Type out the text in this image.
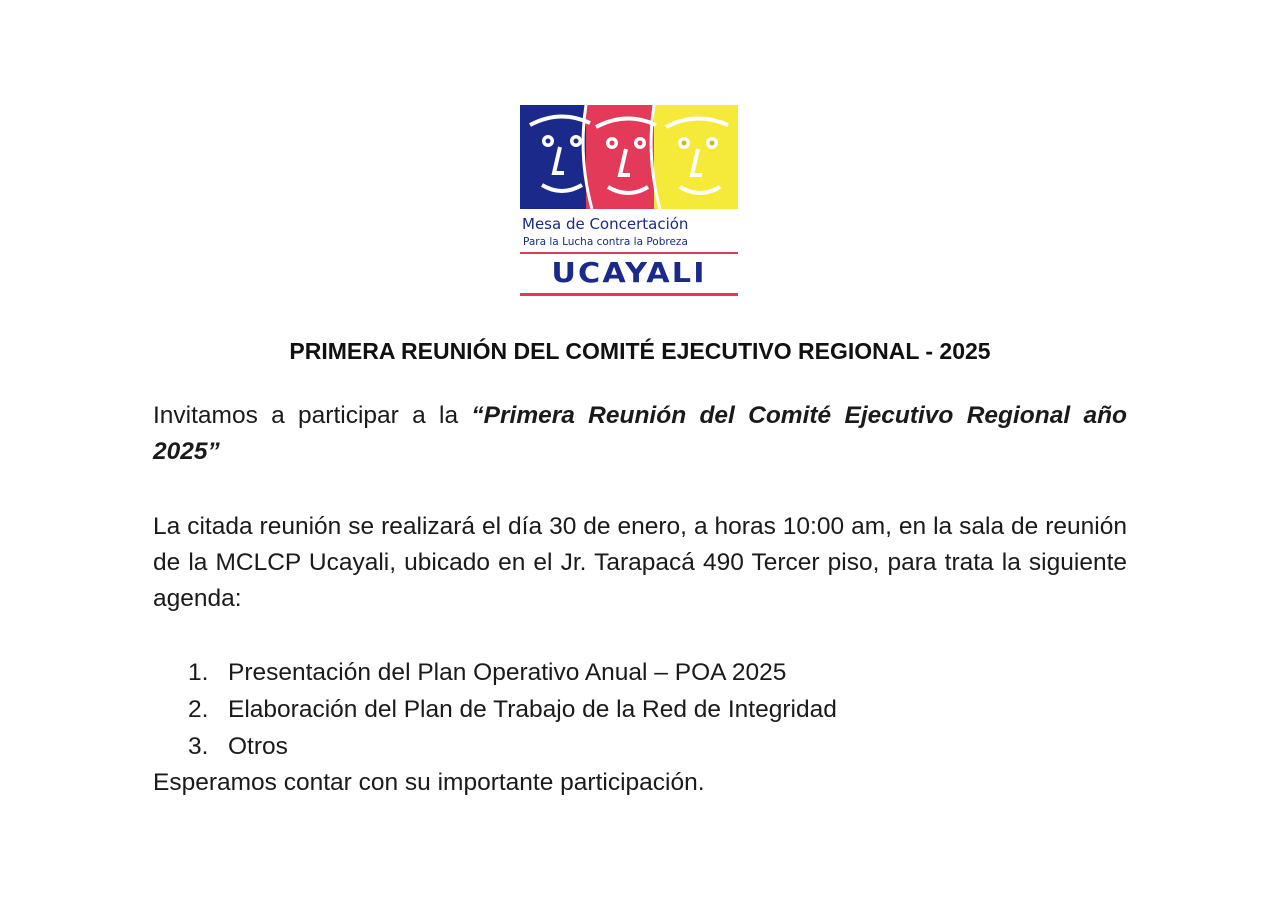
Mesa de Concertación
Para la Lucha contra la Pobreza
UCAYALI
PRIMERA REUNIÓN DEL COMITÉ EJECUTIVO REGIONAL - 2025

Invitamos a participar a la “Primera Reunión del Comité Ejecutivo Regional año 2025”

La citada reunión se realizará el día 30 de enero, a horas 10:00 am, en la sala de reunión de la MCLCP Ucayali, ubicado en el Jr. Tarapacá 490 Tercer piso, para trata la siguiente agenda:

1. Presentación del Plan Operativo Anual – POA 2025
2. Elaboración del Plan de Trabajo de la Red de Integridad
3. Otros
Esperamos contar con su importante participación.
